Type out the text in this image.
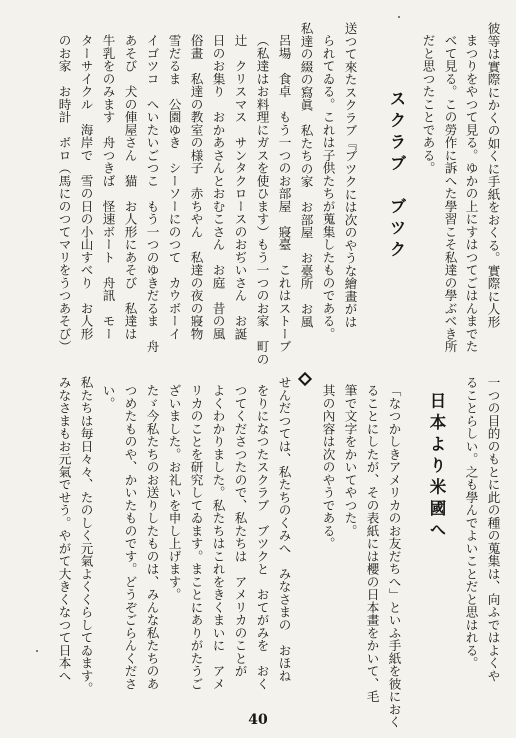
彼等は實際にかくの如くに手紙をおくる。實際に人形
まつりをやつて見る。ゆかの上にすはつてごはんまでた
べて見る。この勞作に訴へた學習こそ私達の學ぶべき所
だと思つたことである。
スクラブ　ブツク
送つて來たスクラブ『ブツクには次のやうな繪畫がは
られてゐる。これは子供たちが蒐集したものである。
私達の綴の寫眞　私たちの家　お部屋　お臺所　お風
呂場　食卓　もう一つのお部屋　寢臺　これはストーブ
（私達はお料理にガスを使ひます）もう一つのお家　町の
辻　クリスマス　サンタクロースのおぢいさん　お誕
日のお集り　おかあさんとおむこさん　お庭　昔の風
俗畫　私達の教室の様子　赤ちやん　私達の夜の寢物
雪だるま　公園ゆき　シーソーにのつて　カウボーイ
イゴツコ　へいたいごつこ　もう一つのゆきだるま　舟
あそび　犬の俥屋さん　猫　お人形にあそび　私達は
牛乳をのみます　舟つきば　怪速ボート　舟訊　モー
ターサイクル　海岸で　雪の日の小山すべり　お人形
のお家　お時計　ボロ（馬にのつてマリをうつあそび）
一つの目的のもとに此の種の蒐集は、向ふではよくや
ることらしい。之も學んでよいことだと思はれる。
日本より米國へ
「なつかしきアメリカのお友だちへ」といふ手紙を彼におく
ることにしたが、その表紙には櫻の日本畫をかいて、毛
筆で文字をかいてやつた。
其の內容は次のやうである。
せんだつては、私たちのくみへ　みなさまの　おほね
をりになつたスクラブ　ブツクと　おてがみを　おく
つてくださつたので、私たちは　アメリカのことが
よくわかりました。私たちはこれをきくまいに　アメ
リカのことを研究してゐます。まことにありがたうご
ざいました。お礼いを申し上げます。
たゞ今私たちのお送りしたものは、みんな私たちのあ
つめたものや、かいたものです。どうぞごらんくださ
い。
私たちは毎日々々、たのしく元氣よくくらしてゐます。
みなさまもお元氣でせう。やがて大きくなつて日本へ
40
